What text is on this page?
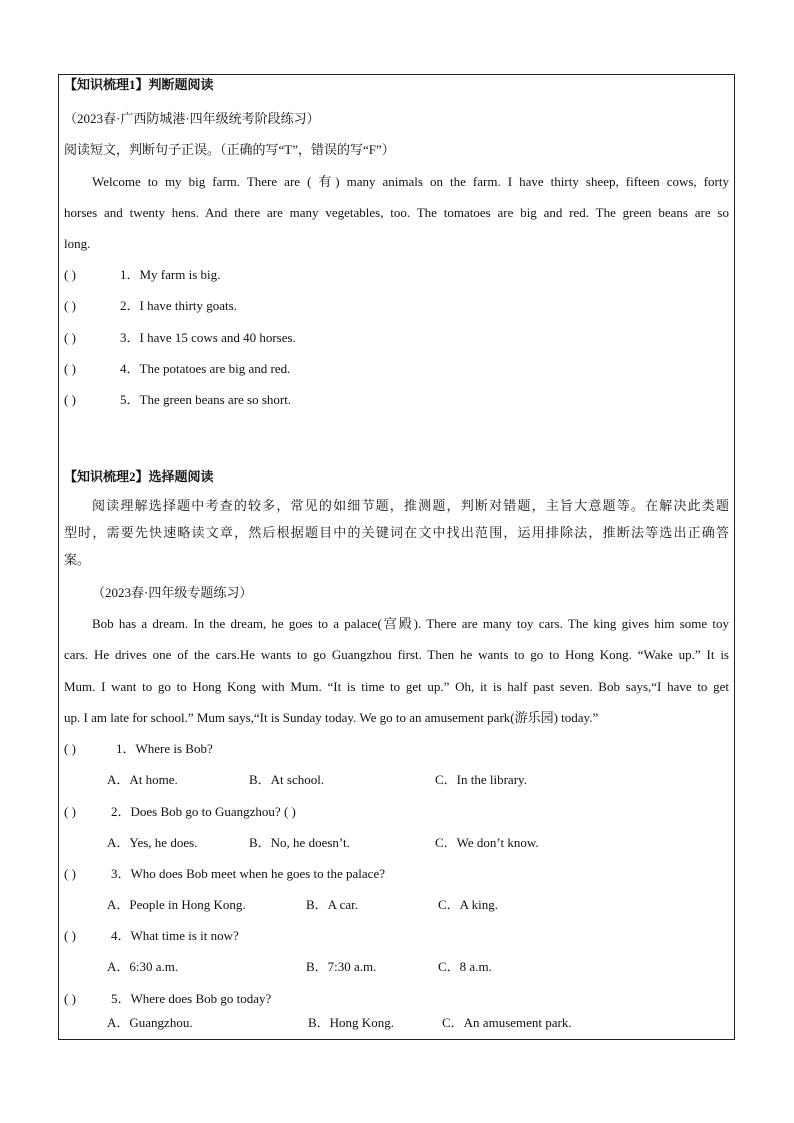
【知识梳理1】判断题阅读
（2023春·广西防城港·四年级统考阶段练习）
阅读短文，判断句子正误。（正确的写“T”，错误的写“F”）
Welcome to my big farm. There are ( 有) many animals on the farm. I have thirty sheep, fifteen cows, forty
horses and twenty hens. And there are many vegetables, too. The tomatoes are big and red. The green beans are so
long.
( )	1．My farm is big.
( )	2．I have thirty goats.
( )	3．I have 15 cows and 40 horses.
( )	4．The potatoes are big and red.
( )	5．The green beans are so short.
【知识梳理2】选择题阅读
阅读理解选择题中考查的较多，常见的如细节题，推测题，判断对错题，主旨大意题等。在解决此类题
型时，需要先快速略读文章，然后根据题目中的关键词在文中找出范围，运用排除法，推断法等选出正确答
案。
（2023春·四年级专题练习）
Bob has a dream. In the dream, he goes to a palace(宫殿). There are many toy cars. The king gives him some toy
cars. He drives one of the cars.He wants to go Guangzhou first. Then he wants to go to Hong Kong. “Wake up.” It is
Mum. I want to go to Hong Kong with Mum. “It is time to get up.” Oh, it is half past seven. Bob says,“I have to get
up. I am late for school.” Mum says,“It is Sunday today. We go to an amusement park(游乐园) today.”
( )	1．Where is Bob?
A．At home.	B．At school.	C．In the library.
( )	2．Does Bob go to Guangzhou? ( )
A．Yes, he does.	B．No, he doesn’t.	C．We don’t know.
( )	3．Who does Bob meet when he goes to the palace?
A．People in Hong Kong.	B．A car.	C．A king.
( )	4．What time is it now?
A．6:30 a.m.	B．7:30 a.m.	C．8 a.m.
( )	5．Where does Bob go today?
A．Guangzhou.	B．Hong Kong.	C．An amusement park.
